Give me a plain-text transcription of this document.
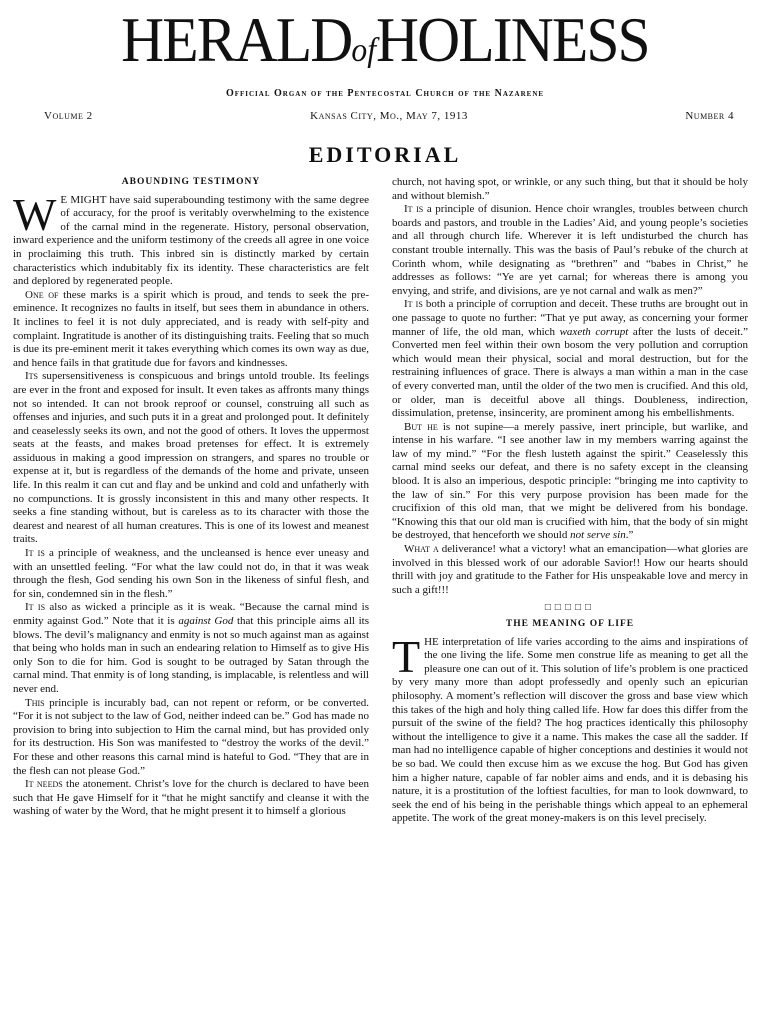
HERALDofHOLINESS
Official Organ of the Pentecostal Church of the Nazarene
Kansas City, Mo., May 7, 1913
Volume 2	Number 4
EDITORIAL
ABOUNDING TESTIMONY

W E MIGHT have said superabounding testimony with the same degree of accuracy, for the proof is veritably overwhelming to the existence of the carnal mind in the regenerate. History, personal observation, inward experience and the uniform testimony of the creeds all agree in one voice in proclaiming this truth. This inbred sin is distinctly marked by certain characteristics which indubitably fix its identity. These characteristics are felt and deplored by regenerated people.

One of these marks is a spirit which is proud, and tends to seek the pre-eminence. It recognizes no faults in itself, but sees them in abundance in others. It inclines to feel it is not duly appreciated, and is ready with self-pity and complaint. Ingratitude is another of its distinguishing traits. Feeling that so much is due its pre-eminent merit it takes everything which comes its own way as due, and hence fails in that gratitude due for favors and kindnesses.

Its supersensitiveness is conspicuous and brings untold trouble. Its feelings are ever in the front and exposed for insult. It even takes as affronts many things not so intended. It can not brook reproof or counsel, construing all such as offenses and injuries, and such puts it in a great and prolonged pout. It definitely and ceaselessly seeks its own, and not the good of others. It loves the uppermost seats at the feasts, and makes broad pretenses for effect. It is extremely assiduous in making a good impression on strangers, and spares no trouble or expense at it, but is regardless of the demands of the home and private, unseen life. In this realm it can cut and flay and be unkind and cold and unfatherly with no compunctions. It is grossly inconsistent in this and many other respects. It seeks a fine standing without, but is careless as to its character with those the dearest and nearest of all human creatures. This is one of its lowest and meanest traits.

It is a principle of weakness, and the uncleansed is hence ever uneasy and with an unsettled feeling. “For what the law could not do, in that it was weak through the flesh, God sending his own Son in the likeness of sinful flesh, and for sin, condemned sin in the flesh.”

It is also as wicked a principle as it is weak. “Because the carnal mind is enmity against God.” Note that it is against God that this principle aims all its blows. The devil’s malignancy and enmity is not so much against man as against that being who holds man in such an endearing relation to Himself as to give His only Son to die for him. God is sought to be outraged by Satan through the carnal mind. That enmity is of long standing, is implacable, is relentless and will never end.

This principle is incurably bad, can not repent or reform, or be converted. “For it is not subject to the law of God, neither indeed can be.” God has made no provision to bring into subjection to Him the carnal mind, but has provided only for its destruction. His Son was manifested to “destroy the works of the devil.” For these and other reasons this carnal mind is hateful to God. “They that are in the flesh can not please God.”

It needs the atonement. Christ’s love for the church is declared to have been such that He gave Himself for it “that he might sanctify and cleanse it with the washing of water by the Word, that he might present it to himself a glorious

church, not having spot, or wrinkle, or any such thing, but that it should be holy and without blemish.”

It is a principle of disunion. Hence choir wrangles, troubles between church boards and pastors, and trouble in the Ladies’ Aid, and young people’s societies and all through church life. Wherever it is left undisturbed the church has constant trouble internally. This was the basis of Paul’s rebuke of the church at Corinth whom, while designating as “brethren” and “babes in Christ,” he addresses as follows: “Ye are yet carnal; for whereas there is among you envying, and strife, and divisions, are ye not carnal and walk as men?”

It is both a principle of corruption and deceit. These truths are brought out in one passage to quote no further: “That ye put away, as concerning your former manner of life, the old man, which waxeth corrupt after the lusts of deceit.” Converted men feel within their own bosom the very pollution and corruption which would mean their physical, social and moral destruction, but for the restraining influences of grace. There is always a man within a man in the case of every converted man, until the older of the two men is crucified. And this old, or older, man is deceitful above all things. Doubleness, indirection, dissimulation, pretense, insincerity, are prominent among his embellishments.

But he is not supine—a merely passive, inert principle, but warlike, and intense in his warfare. “I see another law in my members warring against the law of my mind.” “For the flesh lusteth against the spirit.” Ceaselessly this carnal mind seeks our defeat, and there is no safety except in the cleansing blood. It is also an imperious, despotic principle: “bringing me into captivity to the law of sin.” For this very purpose provision has been made for the crucifixion of this old man, that we might be delivered from his bondage. “Knowing this that our old man is crucified with him, that the body of sin might be destroyed, that henceforth we should not serve sin.”

What a deliverance! what a victory! what an emancipation—what glories are involved in this blessed work of our adorable Savior!! How our hearts should thrill with joy and gratitude to the Father for His unspeakable love and mercy in such a gift!!!

□□□□□
THE MEANING OF LIFE

THE interpretation of life varies according to the aims and inspirations of the one living the life. Some men construe life as meaning to get all the pleasure one can out of it. This solution of life’s problem is one practiced by very many more than adopt professedly and openly such an epicurian philosophy. A moment’s reflection will discover the gross and base view which this takes of the high and holy thing called life. How far does this differ from the pursuit of the swine of the field? The hog practices identically this philosophy without the intelligence to give it a name. This makes the case all the sadder. If man had no intelligence capable of higher conceptions and destinies it would not be so bad. We could then excuse him as we excuse the hog. But God has given him a higher nature, capable of far nobler aims and ends, and it is debasing his nature, it is a prostitution of the loftiest faculties, for man to look downward, to seek the end of his being in the perishable things which appeal to an ephemeral appetite. The work of the great money-makers is on this level precisely.
